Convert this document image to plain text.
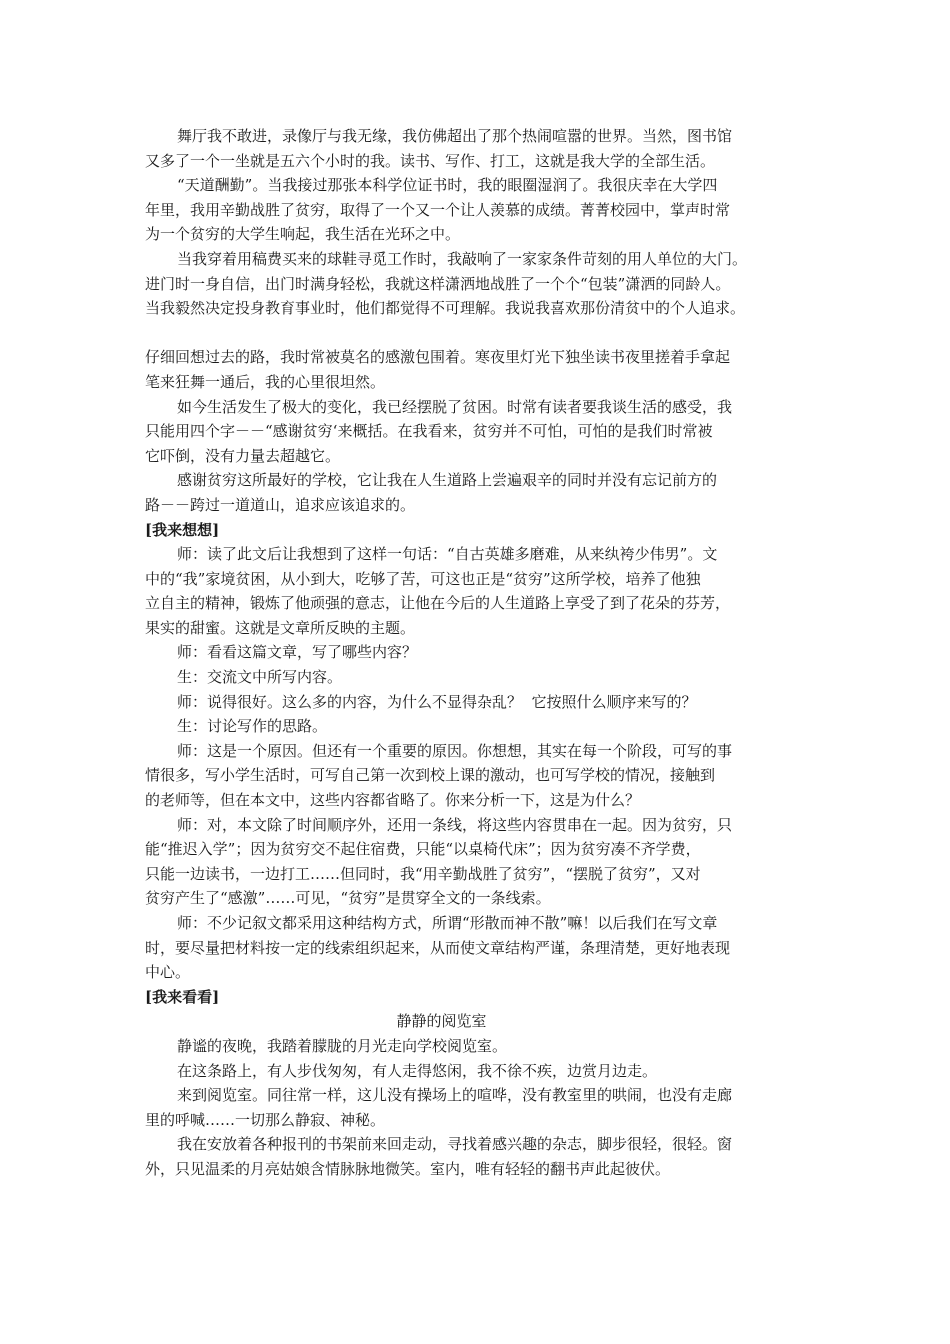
舞厅我不敢进，录像厅与我无缘，我仿佛超出了那个热闹喧嚣的世界。当然，图书馆
又多了一个一坐就是五六个小时的我。读书、写作、打工，这就是我大学的全部生活。
“天道酬勤”。当我接过那张本科学位证书时，我的眼圈湿润了。我很庆幸在大学四
年里，我用辛勤战胜了贫穷，取得了一个又一个让人羡慕的成绩。菁菁校园中，掌声时常
为一个贫穷的大学生响起，我生活在光环之中。
当我穿着用稿费买来的球鞋寻觅工作时，我敲响了一家家条件苛刻的用人单位的大门。
进门时一身自信，出门时满身轻松，我就这样潇洒地战胜了一个个“包装”潇洒的同龄人。
当我毅然决定投身教育事业时，他们都觉得不可理解。我说我喜欢那份清贫中的个人追求。
仔细回想过去的路，我时常被莫名的感激包围着。寒夜里灯光下独坐读书夜里搓着手拿起
笔来狂舞一通后，我的心里很坦然。
如今生活发生了极大的变化，我已经摆脱了贫困。时常有读者要我谈生活的感受，我
只能用四个字－－“感谢贫穷‘来概括。在我看来，贫穷并不可怕，可怕的是我们时常被
它吓倒，没有力量去超越它。
感谢贫穷这所最好的学校，它让我在人生道路上尝遍艰辛的同时并没有忘记前方的
路－－跨过一道道山，追求应该追求的。
[我来想想]
师：读了此文后让我想到了这样一句话：“自古英雄多磨难，从来纨袴少伟男”。文
中的“我”家境贫困，从小到大，吃够了苦，可这也正是“贫穷”这所学校，培养了他独
立自主的精神，锻炼了他顽强的意志，让他在今后的人生道路上享受了到了花朵的芬芳，
果实的甜蜜。这就是文章所反映的主题。
师：看看这篇文章，写了哪些内容？
生：交流文中所写内容。
师：说得很好。这么多的内容，为什么不显得杂乱？  它按照什么顺序来写的？
生：讨论写作的思路。
师：这是一个原因。但还有一个重要的原因。你想想，其实在每一个阶段，可写的事
情很多，写小学生活时，可写自己第一次到校上课的激动，也可写学校的情况，接触到
的老师等，但在本文中，这些内容都省略了。你来分析一下，这是为什么？
师：对，本文除了时间顺序外，还用一条线，将这些内容贯串在一起。因为贫穷，只
能“推迟入学”；因为贫穷交不起住宿费，只能“以桌椅代床”；因为贫穷凑不齐学费，
只能一边读书，一边打工……但同时，我“用辛勤战胜了贫穷”，“摆脱了贫穷”，又对
贫穷产生了“感激”……可见，“贫穷”是贯穿全文的一条线索。
师：不少记叙文都采用这种结构方式，所谓“形散而神不散”嘛！以后我们在写文章
时，要尽量把材料按一定的线索组织起来，从而使文章结构严谨，条理清楚，更好地表现
中心。
[我来看看]
静静的阅览室
静谧的夜晚，我踏着朦胧的月光走向学校阅览室。
在这条路上，有人步伐匆匆，有人走得悠闲，我不徐不疾，边赏月边走。
来到阅览室。同往常一样，这儿没有操场上的喧哗，没有教室里的哄闹，也没有走廊
里的呼喊……一切那么静寂、神秘。
我在安放着各种报刊的书架前来回走动，寻找着感兴趣的杂志，脚步很轻，很轻。窗
外，只见温柔的月亮姑娘含情脉脉地微笑。室内，唯有轻轻的翻书声此起彼伏。
